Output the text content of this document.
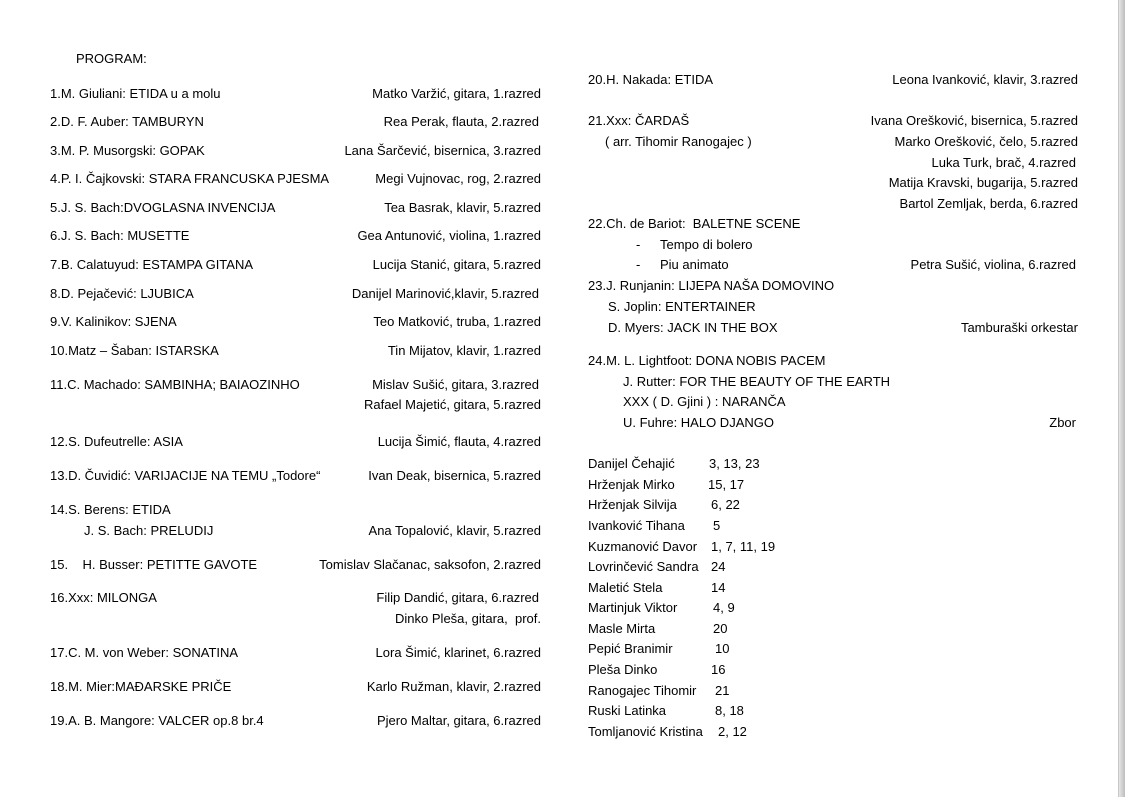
PROGRAM:
1.M. Giuliani: ETIDA u a molu	Matko Varžić, gitara, 1.razred
2.D. F. Auber: TAMBURYN	Rea Perak, flauta, 2.razred
3.M. P. Musorgski: GOPAK	Lana Šarčević, bisernica, 3.razred
4.P. I. Čajkovski: STARA FRANCUSKA PJESMA	Megi Vujnovac, rog, 2.razred
5.J. S. Bach:DVOGLASNA INVENCIJA	Tea Basrak, klavir, 5.razred
6.J. S. Bach: MUSETTE	Gea Antunović, violina, 1.razred
7.B. Calatuyud: ESTAMPA GITANA	Lucija Stanić, gitara, 5.razred
8.D. Pejačević: LJUBICA	Danijel Marinović,klavir, 5.razred
9.V. Kalinikov: SJENA	Teo Matković, truba, 1.razred
10.Matz – Šaban: ISTARSKA	Tin Mijatov, klavir, 1.razred
11.C. Machado: SAMBINHA; BAIAOZINHO	Mislav Sušić, gitara, 3.razred
Rafael Majetić, gitara, 5.razred
12.S. Dufeutrelle: ASIA	Lucija Šimić, flauta, 4.razred
13.D. Čuvidić: VARIJACIJE NA TEMU „Todore“	Ivan Deak, bisernica, 5.razred
14.S. Berens: ETIDA
J. S. Bach: PRELUDIJ	Ana Topalović, klavir, 5.razred
15.    H. Busser: PETITTE GAVOTE	Tomislav Slačanac, saksofon, 2.razred
16.Xxx: MILONGA	Filip Dandić, gitara, 6.razred
Dinko Pleša, gitara,  prof.
17.C. M. von Weber: SONATINA	Lora Šimić, klarinet, 6.razred
18.M. Mier:MAĐARSKE PRIČE	Karlo Ružman, klavir, 2.razred
19.A. B. Mangore: VALCER op.8 br.4	Pjero Maltar, gitara, 6.razred
20.H. Nakada: ETIDA	Leona Ivanković, klavir, 3.razred
21.Xxx: ČARDAŠ
( arr. Tihomir Ranogajec )
Ivana Orešković, bisernica, 5.razred
Marko Orešković, čelo, 5.razred
Luka Turk, brač, 4.razred
Matija Kravski, bugarija, 5.razred
Bartol Zemljak, berda, 6.razred
22.Ch. de Bariot:  BALETNE SCENE
- Tempo di bolero
- Piu animato	Petra Sušić, violina, 6.razred
23.J. Runjanin: LIJEPA NAŠA DOMOVINO
S. Joplin: ENTERTAINER
D. Myers: JACK IN THE BOX	Tamburaški orkestar
24.M. L. Lightfoot: DONA NOBIS PACEM
J. Rutter: FOR THE BEAUTY OF THE EARTH
XXX ( D. Gjini ) : NARANČA
U. Fuhre: HALO DJANGO	Zbor
Danijel Čehajić	3, 13, 23
Hrženjak Mirko	15, 17
Hrženjak Silvija	6, 22
Ivanković Tihana 5
Kuzmanović Davor 1, 7, 11, 19
Lovrinčević Sandra 24
Maletić Stela	14
Martinjuk Viktor	4, 9
Masle Mirta	20
Pepić Branimir	10
Pleša Dinko	16
Ranogajec Tihomir 21
Ruski Latinka	8, 18
Tomljanović Kristina 2, 12
